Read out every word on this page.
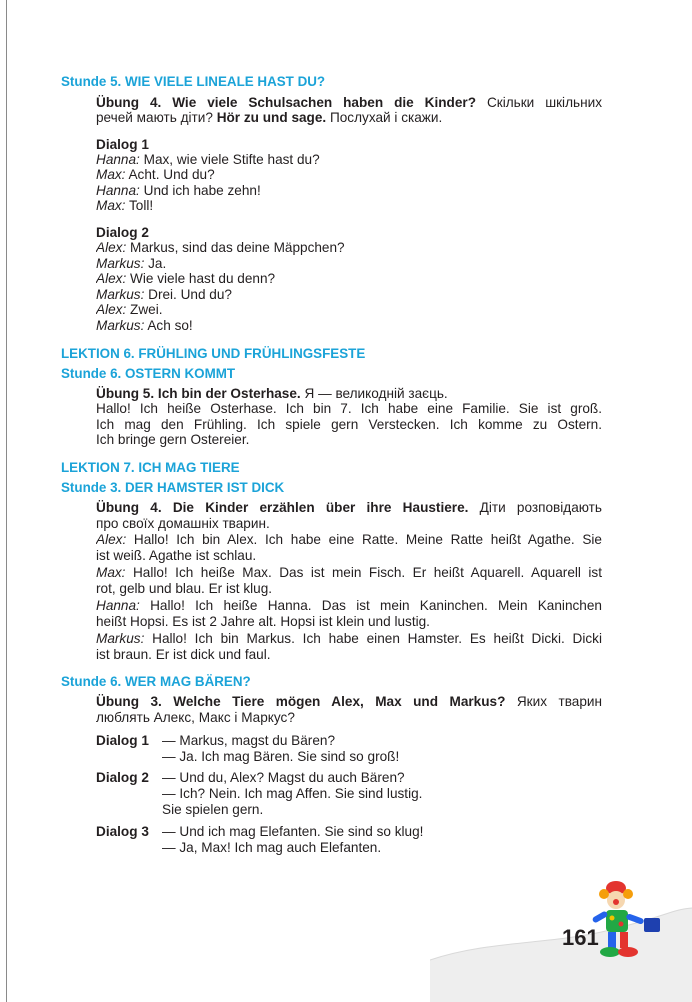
Stunde 5. WIE VIELE LINEALE HAST DU?
Übung 4. Wie viele Schulsachen haben die Kinder? Скільки шкільних
речей мають діти? Hör zu und sage. Послухай і скажи.
Dialog 1
Hanna: Max, wie viele Stifte hast du?
Max: Acht. Und du?
Hanna: Und ich habe zehn!
Max: Toll!
Dialog 2
Alex: Markus, sind das deine Mäppchen?
Markus: Ja.
Alex: Wie viele hast du denn?
Markus: Drei. Und du?
Alex: Zwei.
Markus: Ach so!
LEKTION 6. FRÜHLING UND FRÜHLINGSFESTE
Stunde 6. OSTERN KOMMT
Übung 5. Ich bin der Osterhase. Я — великодній заєць.
Hallo! Ich heiße Osterhase. Ich bin 7. Ich habe eine Familie. Sie ist groß.
Ich mag den Frühling. Ich spiele gern Verstecken. Ich komme zu Ostern.
Ich bringe gern Ostereier.
LEKTION 7. ICH MAG TIERE
Stunde 3. DER HAMSTER IST DICK
Übung 4. Die Kinder erzählen über ihre Haustiere. Діти розповідають
про своїх домашніх тварин.
Alex: Hallo! Ich bin Alex. Ich habe eine Ratte. Meine Ratte heißt Agathe. Sie
ist weiß. Agathe ist schlau.
Max: Hallo! Ich heiße Max. Das ist mein Fisch. Er heißt Aquarell. Aquarell ist
rot, gelb und blau. Er ist klug.
Hanna: Hallo! Ich heiße Hanna. Das ist mein Kaninchen. Mein Kaninchen
heißt Hopsi. Es ist 2 Jahre alt. Hopsi ist klein und lustig.
Markus: Hallo! Ich bin Markus. Ich habe einen Hamster. Es heißt Dicki. Dicki
ist braun. Er ist dick und faul.
Stunde 6. WER MAG BÄREN?
Übung 3. Welche Tiere mögen Alex, Max und Markus? Яких тварин
люблять Алекс, Макс і Маркус?
Dialog 1 — Markus, magst du Bären?
— Ja. Ich mag Bären. Sie sind so groß!
Dialog 2 — Und du, Alex? Magst du auch Bären?
— Ich? Nein. Ich mag Affen. Sie sind lustig.
Sie spielen gern.
Dialog 3 — Und ich mag Elefanten. Sie sind so klug!
— Ja, Max! Ich mag auch Elefanten.
161
